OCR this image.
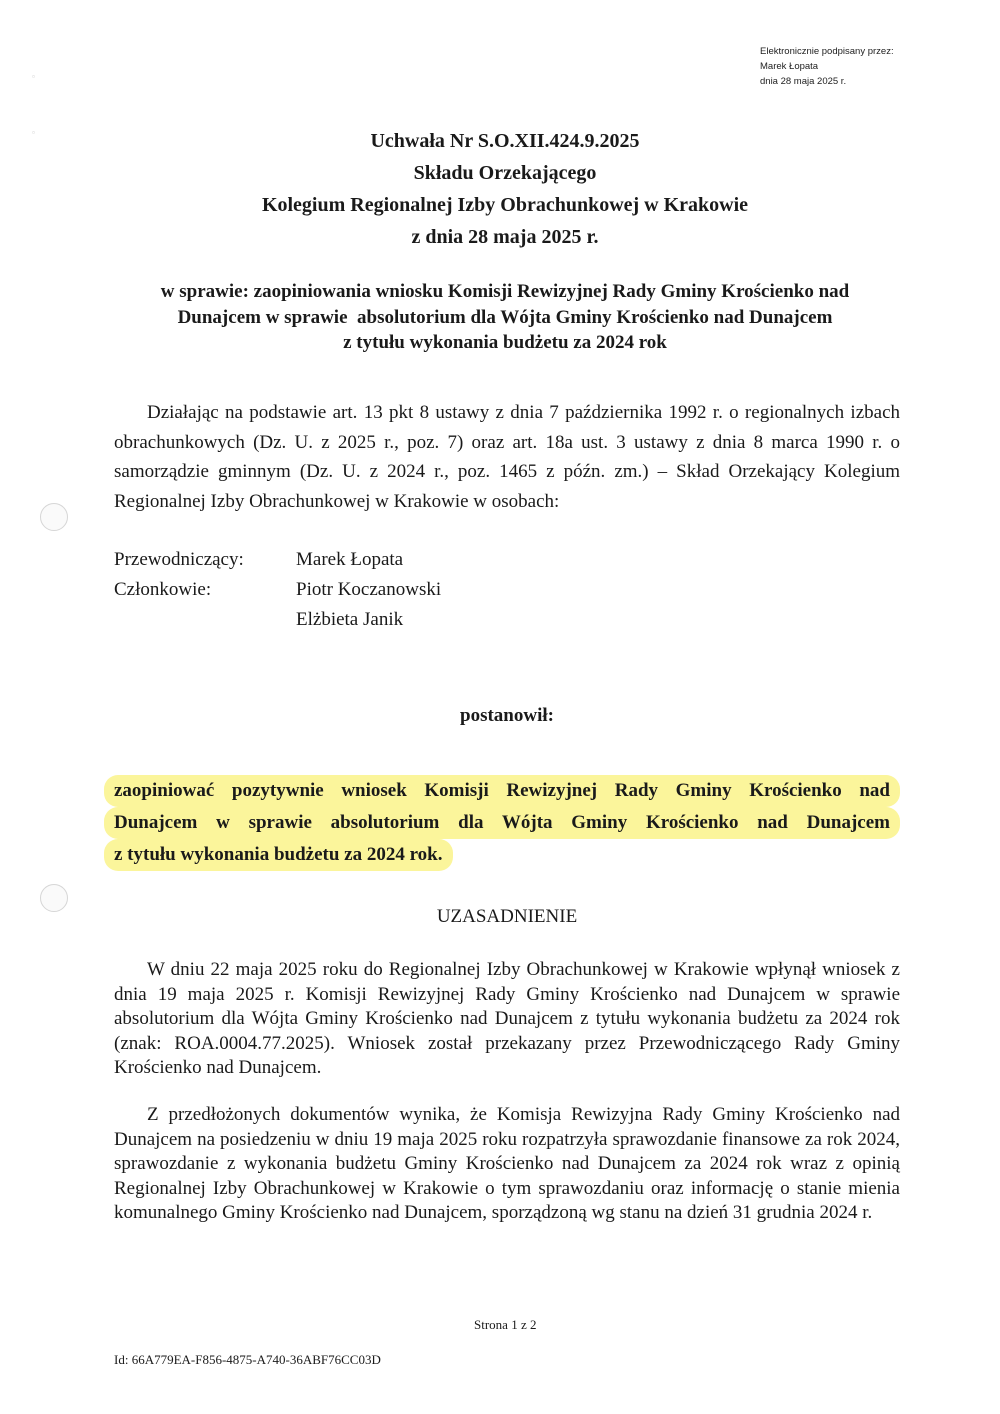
Elektronicznie podpisany przez:
Marek Łopata
dnia 28 maja 2025 r.
▫
▫	Uchwała Nr S.O.XII.424.9.2025
Składu Orzekającego
Kolegium Regionalnej Izby Obrachunkowej w Krakowie
z dnia 28 maja 2025 r.
w sprawie: zaopiniowania wniosku Komisji Rewizyjnej Rady Gminy Krościenko nad
Dunajcem w sprawie  absolutorium dla Wójta Gminy Krościenko nad Dunajcem
z tytułu wykonania budżetu za 2024 rok
Działając na podstawie art. 13 pkt 8 ustawy z dnia 7 października 1992 r. o regionalnych izbach obrachunkowych (Dz. U. z 2025 r., poz. 7) oraz art. 18a ust. 3 ustawy z dnia 8 marca 1990 r. o samorządzie gminnym (Dz. U. z 2024 r., poz. 1465 z późn. zm.) – Skład Orzekający Kolegium Regionalnej Izby Obrachunkowej w Krakowie w osobach:
Przewodniczący:	Marek Łopata
Członkowie:	Piotr Koczanowski
Elżbieta Janik
postanowił:
zaopiniować pozytywnie wniosek Komisji Rewizyjnej Rady Gminy Krościenko nad
Dunajcem w sprawie absolutorium dla Wójta Gminy Krościenko nad Dunajcem
z tytułu wykonania budżetu za 2024 rok.
UZASADNIENIE
W dniu 22 maja 2025 roku do Regionalnej Izby Obrachunkowej w Krakowie wpłynął wniosek z dnia 19 maja 2025 r. Komisji Rewizyjnej Rady Gminy Krościenko nad Dunajcem w sprawie absolutorium dla Wójta Gminy Krościenko nad Dunajcem z tytułu wykonania budżetu za 2024 rok (znak: ROA.0004.77.2025). Wniosek został przekazany przez Przewodniczącego Rady Gminy Krościenko nad Dunajcem.
Z przedłożonych dokumentów wynika, że Komisja Rewizyjna Rady Gminy Krościenko nad Dunajcem na posiedzeniu w dniu 19 maja 2025 roku rozpatrzyła sprawozdanie finansowe za rok 2024, sprawozdanie z wykonania budżetu Gminy Krościenko nad Dunajcem za 2024 rok wraz z opinią Regionalnej Izby Obrachunkowej w Krakowie o tym sprawozdaniu oraz informację o stanie mienia komunalnego Gminy Krościenko nad Dunajcem, sporządzoną wg stanu na dzień 31 grudnia 2024 r.
Strona 1 z 2
Id: 66A779EA-F856-4875-A740-36ABF76CC03D
